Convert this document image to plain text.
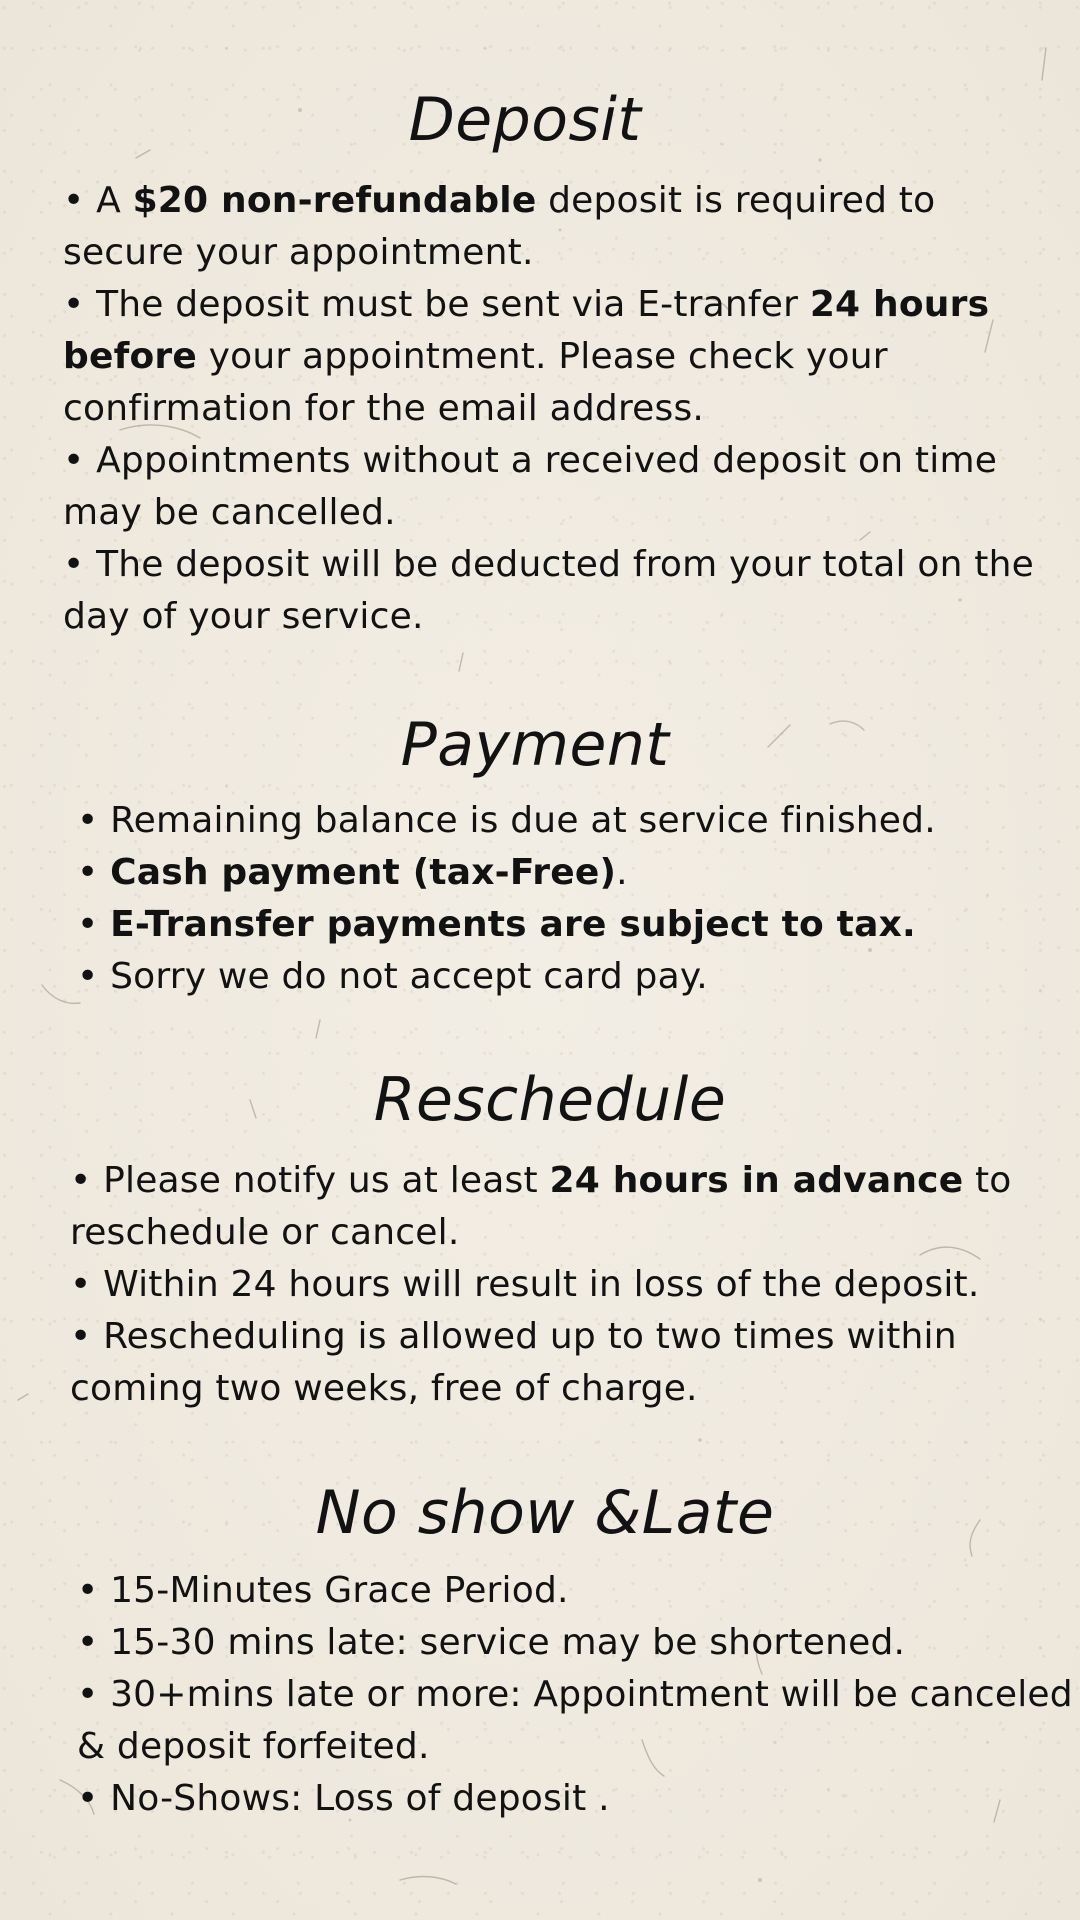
Deposit
• A $20 non-refundable deposit is required to
secure your appointment.
• The deposit must be sent via E-tranfer 24 hours
before your appointment. Please check your
confirmation for the email address.
• Appointments without a received deposit on time
may be cancelled.
• The deposit will be deducted from your total on the
day of your service.
Payment
• Remaining balance is due at service finished.
• Cash payment (tax-Free).
• E-Transfer payments are subject to tax.
• Sorry we do not accept card pay.
Reschedule
• Please notify us at least 24 hours in advance to
reschedule or cancel.
• Within 24 hours will result in loss of the deposit.
• Rescheduling is allowed up to two times within
coming two weeks, free of charge.
No show &Late
• 15-Minutes Grace Period.
• 15-30 mins late: service may be shortened.
• 30+mins late or more: Appointment will be canceled
& deposit forfeited.
• No-Shows: Loss of deposit .
